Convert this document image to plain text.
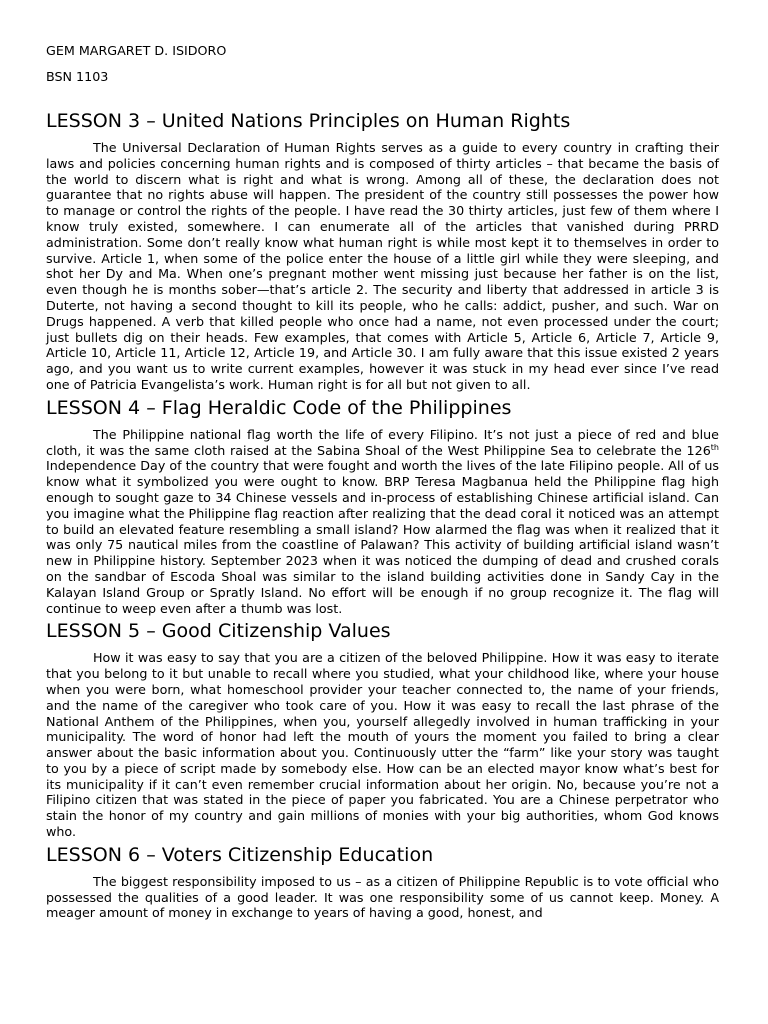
GEM MARGARET D. ISIDORO

BSN 1103

LESSON 3 – United Nations Principles on Human Rights

The Universal Declaration of Human Rights serves as a guide to every country in crafting their laws and policies concerning human rights and is composed of thirty articles – that became the basis of the world to discern what is right and what is wrong. Among all of these, the declaration does not guarantee that no rights abuse will happen. The president of the country still possesses the power how to manage or control the rights of the people. I have read the 30 thirty articles, just few of them where I know truly existed, somewhere. I can enumerate all of the articles that vanished during PRRD administration. Some don’t really know what human right is while most kept it to themselves in order to survive. Article 1, when some of the police enter the house of a little girl while they were sleeping, and shot her Dy and Ma. When one’s pregnant mother went missing just because her father is on the list, even though he is months sober—that’s article 2. The security and liberty that addressed in article 3 is Duterte, not having a second thought to kill its people, who he calls: addict, pusher, and such. War on Drugs happened. A verb that killed people who once had a name, not even processed under the court; just bullets dig on their heads. Few examples, that comes with Article 5, Article 6, Article 7, Article 9, Article 10, Article 11, Article 12, Article 19, and Article 30. I am fully aware that this issue existed 2 years ago, and you want us to write current examples, however it was stuck in my head ever since I’ve read one of Patricia Evangelista’s work. Human right is for all but not given to all.

LESSON 4 – Flag Heraldic Code of the Philippines

The Philippine national flag worth the life of every Filipino. It’s not just a piece of red and blue cloth, it was the same cloth raised at the Sabina Shoal of the West Philippine Sea to celebrate the 126th Independence Day of the country that were fought and worth the lives of the late Filipino people. All of us know what it symbolized you were ought to know. BRP Teresa Magbanua held the Philippine flag high enough to sought gaze to 34 Chinese vessels and in-process of establishing Chinese artificial island. Can you imagine what the Philippine flag reaction after realizing that the dead coral it noticed was an attempt to build an elevated feature resembling a small island? How alarmed the flag was when it realized that it was only 75 nautical miles from the coastline of Palawan? This activity of building artificial island wasn’t new in Philippine history. September 2023 when it was noticed the dumping of dead and crushed corals on the sandbar of Escoda Shoal was similar to the island building activities done in Sandy Cay in the Kalayan Island Group or Spratly Island. No effort will be enough if no group recognize it. The flag will continue to weep even after a thumb was lost.

LESSON 5 – Good Citizenship Values

How it was easy to say that you are a citizen of the beloved Philippine. How it was easy to iterate that you belong to it but unable to recall where you studied, what your childhood like, where your house when you were born, what homeschool provider your teacher connected to, the name of your friends, and the name of the caregiver who took care of you. How it was easy to recall the last phrase of the National Anthem of the Philippines, when you, yourself allegedly involved in human trafficking in your municipality. The word of honor had left the mouth of yours the moment you failed to bring a clear answer about the basic information about you. Continuously utter the “farm” like your story was taught to you by a piece of script made by somebody else. How can be an elected mayor know what’s best for its municipality if it can’t even remember crucial information about her origin. No, because you’re not a Filipino citizen that was stated in the piece of paper you fabricated. You are a Chinese perpetrator who stain the honor of my country and gain millions of monies with your big authorities, whom God knows who.

LESSON 6 – Voters Citizenship Education

The biggest responsibility imposed to us – as a citizen of Philippine Republic is to vote official who possessed the qualities of a good leader. It was one responsibility some of us cannot keep. Money. A meager amount of money in exchange to years of having a good, honest, and
